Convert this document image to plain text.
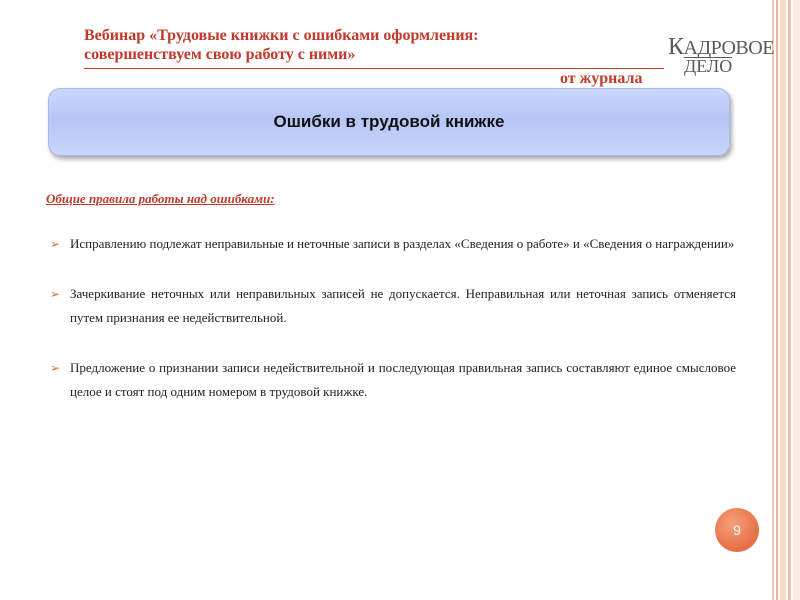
Вебинар «Трудовые книжки с ошибками оформления:

совершенствуем свою работу с ними»

от журнала
КАДРОВОЕ
ДЕЛО
Ошибки в трудовой книжке
Общие правила работы над ошибками:
➢ Исправлению подлежат неправильные и неточные записи в разделах «Сведения о работе» и «Сведения о награждении»
➢ Зачеркивание неточных или неправильных записей не допускается. Неправильная или неточная запись отменяется путем признания ее недействительной.
➢ Предложение о признании записи недействительной и последующая правильная запись составляют единое смысловое целое и стоят под одним номером в трудовой книжке.
9
